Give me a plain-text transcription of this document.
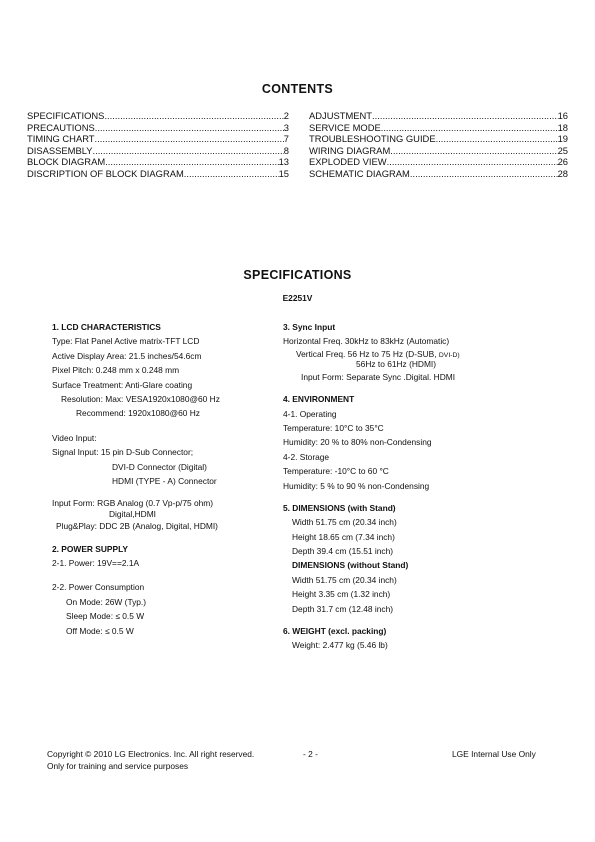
CONTENTS
SPECIFICATIONS .....	2
PRECAUTIONS .....	3
TIMING CHART .....	7
DISASSEMBLY .....	8
BLOCK DIAGRAM .....	13
DISCRIPTION OF BLOCK DIAGRAM .....	15
ADJUSTMENT .....	16
SERVICE MODE .....	18
TROUBLESHOOTING GUIDE .....	19
WIRING DIAGRAM .....	25
EXPLODED VIEW .....	26
SCHEMATIC DIAGRAM .....	28
SPECIFICATIONS
E2251V
1. LCD CHARACTERISTICS
Type: Flat Panel Active matrix-TFT LCD
Active Display Area: 21.5 inches/54.6cm
Pixel Pitch: 0.248 mm x 0.248 mm
Surface Treatment: Anti-Glare coating
Resolution: Max: VESA1920x1080@60 Hz
Recommend: 1920x1080@60 Hz
Video Input:
Signal Input: 15 pin D-Sub Connector;
DVI-D Connector (Digital)
HDMI (TYPE - A) Connector
Input Form: RGB Analog (0.7 Vp-p/75 ohm)
Digital,HDMI
Plug&Play: DDC 2B (Analog, Digital, HDMI)
2. POWER SUPPLY
2-1. Power: 19V==2.1A
2-2. Power Consumption
On Mode: 26W (Typ.)
Sleep Mode: ≤ 0.5 W
Off Mode: ≤ 0.5 W
3. Sync Input
Horizontal Freq. 30kHz to 83kHz (Automatic)
Vertical Freq. 56 Hz to 75 Hz (D-SUB, DVI-D)
56Hz to 61Hz (HDMI)
Input Form: Separate Sync .Digital. HDMI
4. ENVIRONMENT
4-1. Operating
Temperature: 10°C to 35°C
Humidity: 20 % to 80% non-Condensing
4-2. Storage
Temperature: -10°C to 60 °C
Humidity: 5 % to 90 % non-Condensing
5. DIMENSIONS (with Stand)
Width 51.75 cm (20.34 inch)
Height 18.65 cm (7.34 inch)
Depth 39.4 cm (15.51 inch)
DIMENSIONS (without Stand)
Width 51.75 cm (20.34 inch)
Height 3.35 cm (1.32 inch)
Depth 31.7 cm (12.48 inch)
6. WEIGHT (excl. packing)
Weight: 2.477 kg (5.46 lb)
Copyright © 2010 LG Electronics. Inc. All right reserved.	- 2 -	LGE Internal Use Only
Only for training and service purposes
